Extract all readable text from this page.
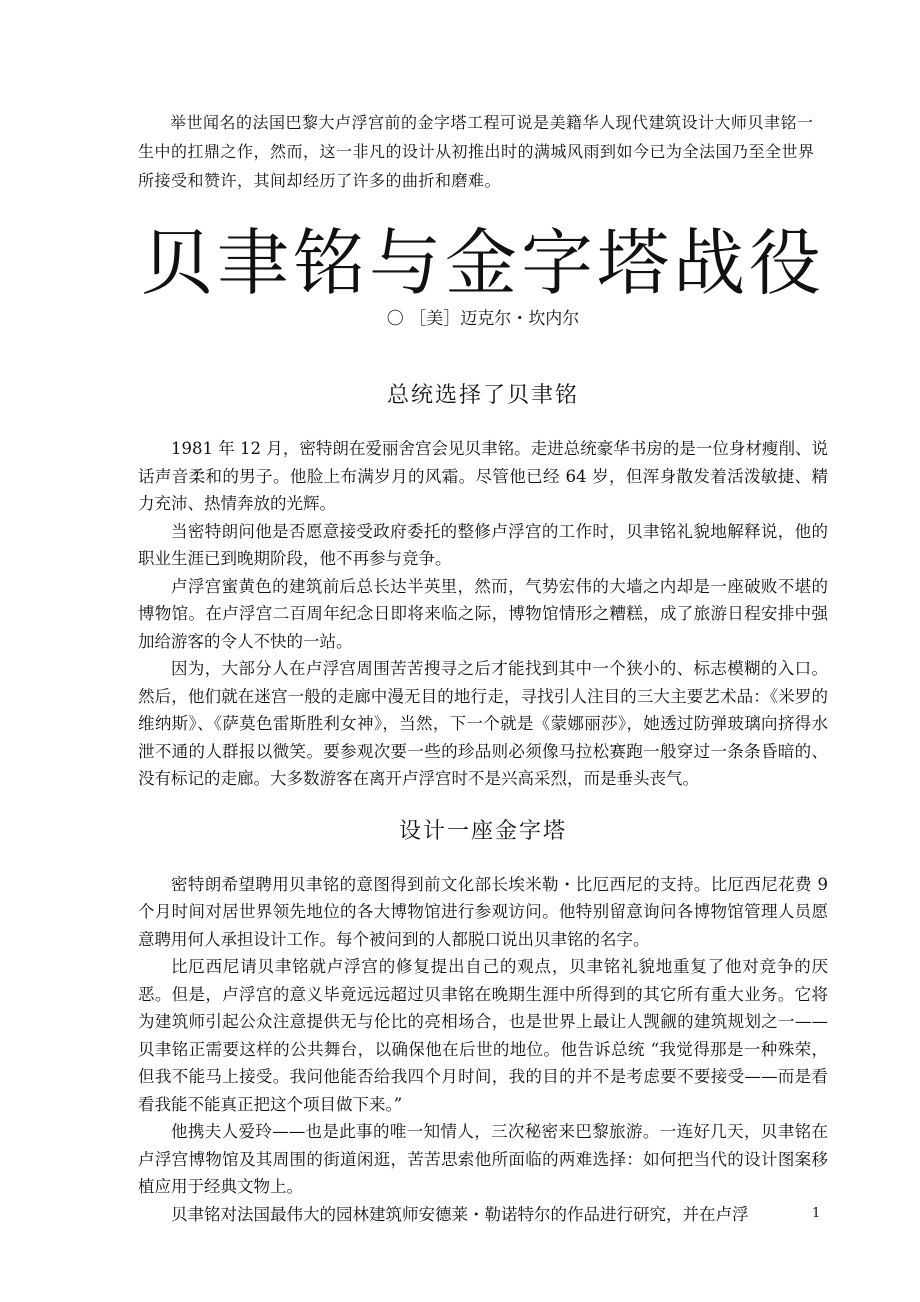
举世闻名的法国巴黎大卢浮宫前的金字塔工程可说是美籍华人现代建筑设计大师贝聿铭一生中的扛鼎之作，然而，这一非凡的设计从初推出时的满城风雨到如今已为全法国乃至全世界所接受和赞许，其间却经历了许多的曲折和磨难。

贝聿铭与金字塔战役

〇 ［美］迈克尔・坎内尔

总统选择了贝聿铭

1981 年 12 月，密特朗在爱丽舍宫会见贝聿铭。走进总统豪华书房的是一位身材瘦削、说话声音柔和的男子。他脸上布满岁月的风霜。尽管他已经 64 岁，但浑身散发着活泼敏捷、精力充沛、热情奔放的光辉。

当密特朗问他是否愿意接受政府委托的整修卢浮宫的工作时，贝聿铭礼貌地解释说，他的职业生涯已到晚期阶段，他不再参与竞争。

卢浮宫蜜黄色的建筑前后总长达半英里，然而，气势宏伟的大墙之内却是一座破败不堪的博物馆。在卢浮宫二百周年纪念日即将来临之际，博物馆情形之糟糕，成了旅游日程安排中强加给游客的令人不快的一站。

因为，大部分人在卢浮宫周围苦苦搜寻之后才能找到其中一个狭小的、标志模糊的入口。然后，他们就在迷宫一般的走廊中漫无目的地行走，寻找引人注目的三大主要艺术品：《米罗的维纳斯》、《萨莫色雷斯胜利女神》，当然，下一个就是《蒙娜丽莎》，她透过防弹玻璃向挤得水泄不通的人群报以微笑。要参观次要一些的珍品则必须像马拉松赛跑一般穿过一条条昏暗的、没有标记的走廊。大多数游客在离开卢浮宫时不是兴高采烈，而是垂头丧气。

设计一座金字塔

密特朗希望聘用贝聿铭的意图得到前文化部长埃米勒・比厄西尼的支持。比厄西尼花费 9 个月时间对居世界领先地位的各大博物馆进行参观访问。他特别留意询问各博物馆管理人员愿意聘用何人承担设计工作。每个被问到的人都脱口说出贝聿铭的名字。

比厄西尼请贝聿铭就卢浮宫的修复提出自己的观点，贝聿铭礼貌地重复了他对竞争的厌恶。但是，卢浮宫的意义毕竟远远超过贝聿铭在晚期生涯中所得到的其它所有重大业务。它将为建筑师引起公众注意提供无与伦比的亮相场合，也是世界上最让人觊觎的建筑规划之一——贝聿铭正需要这样的公共舞台，以确保他在后世的地位。他告诉总统 “我觉得那是一种殊荣，但我不能马上接受。我问他能否给我四个月时间，我的目的并不是考虑要不要接受——而是看看我能不能真正把这个项目做下来。”

他携夫人爱玲——也是此事的唯一知情人，三次秘密来巴黎旅游。一连好几天，贝聿铭在卢浮宫博物馆及其周围的街道闲逛，苦苦思索他所面临的两难选择：如何把当代的设计图案移植应用于经典文物上。

贝聿铭对法国最伟大的园林建筑师安德莱・勒诺特尔的作品进行研究，并在卢浮	1
